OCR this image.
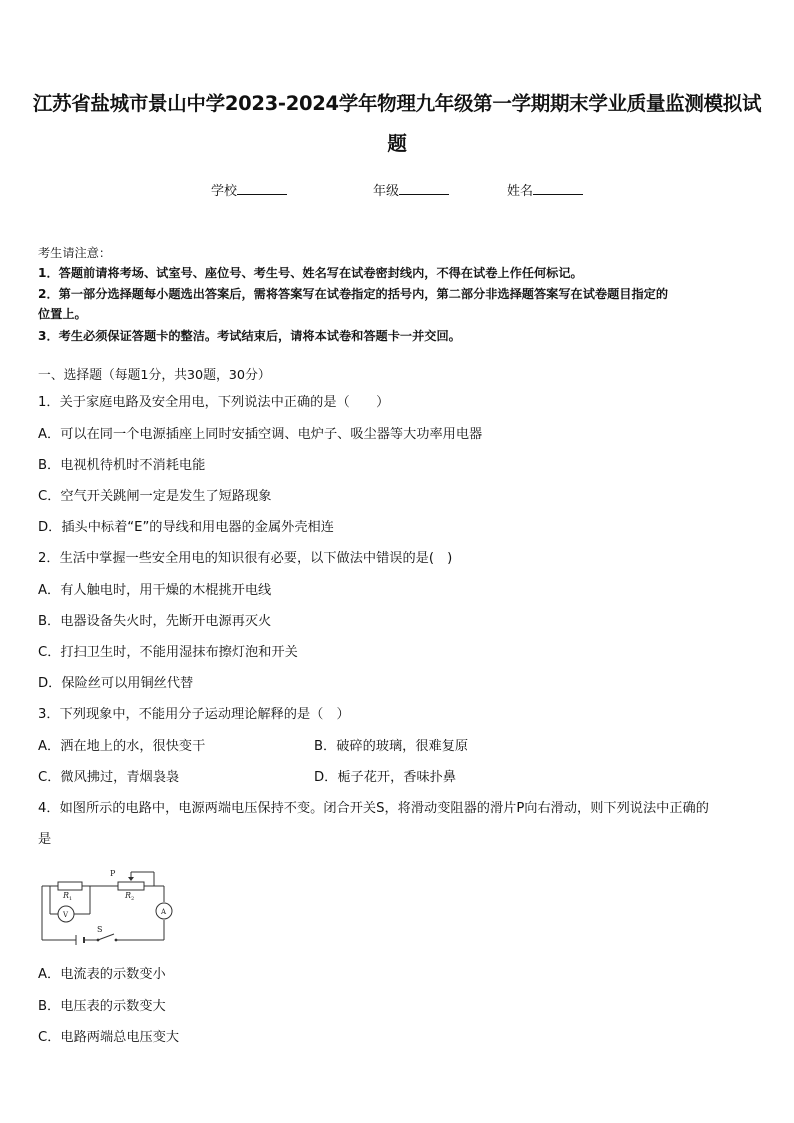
江苏省盐城市景山中学2023-2024学年物理九年级第一学期期末学业质量监测模拟试
题
学校	年级	姓名
考生请注意：
1．答题前请将考场、试室号、座位号、考生号、姓名写在试卷密封线内，不得在试卷上作任何标记。
2．第一部分选择题每小题选出答案后，需将答案写在试卷指定的括号内，第二部分非选择题答案写在试卷题目指定的
位置上。
3．考生必须保证答题卡的整洁。考试结束后，请将本试卷和答题卡一并交回。
一、选择题（每题1分，共30题，30分）
1．关于家庭电路及安全用电，下列说法中正确的是（　　）
A．可以在同一个电源插座上同时安插空调、电炉子、吸尘器等大功率用电器
B．电视机待机时不消耗电能
C．空气开关跳闸一定是发生了短路现象
D．插头中标着“E”的导线和用电器的金属外壳相连
2．生活中掌握一些安全用电的知识很有必要，以下做法中错误的是(　)
A．有人触电时，用干燥的木棍挑开电线
B．电器设备失火时，先断开电源再灭火
C．打扫卫生时，不能用湿抹布擦灯泡和开关
D．保险丝可以用铜丝代替
3．下列现象中，不能用分子运动理论解释的是（　）
A．洒在地上的水，很快变干	B．破碎的玻璃，很难复原
C．微风拂过，青烟袅袅	D．栀子花开，香味扑鼻
4．如图所示的电路中，电源两端电压保持不变。闭合开关S，将滑动变阻器的滑片P向右滑动，则下列说法中正确的
是
P
R 1	R 2
V	A
S
A．电流表的示数变小
B．电压表的示数变大
C．电路两端总电压变大
